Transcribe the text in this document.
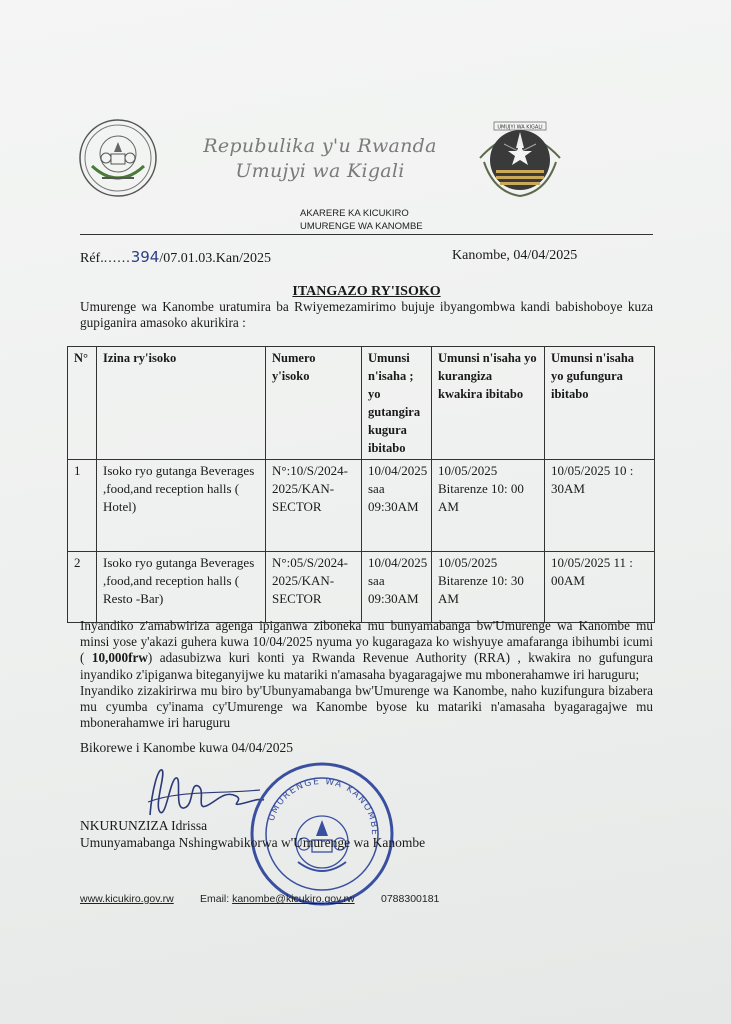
Repubulika y'u Rwanda
Umujyi wa Kigali
UMUJYI WA KIGALI
AKARERE KA KICUKIRO
UMURENGE WA KANOMBE
Réf.......394/07.01.03.Kan/2025	Kanombe, 04/04/2025
ITANGAZO RY'ISOKO
Umurenge wa Kanombe uratumira ba Rwiyemezamirimo bujuje ibyangombwa kandi babishoboye kuza gupiganira amasoko akurikira :
N°	Izina ry'isoko	Numero y'isoko	Umunsi n'isaha ; yo gutangira kugura ibitabo	Umunsi n'isaha yo kurangiza kwakira ibitabo	Umunsi n'isaha yo gufungura ibitabo
1	Isoko ryo gutanga Beverages ,food,and reception halls ( Hotel)	N°:10/S/2024-2025/KAN-SECTOR	10/04/2025 saa 09:30AM	10/05/2025 Bitarenze 10: 00 AM	10/05/2025 10 : 30AM
2	Isoko ryo gutanga Beverages ,food,and reception halls ( Resto -Bar)	N°:05/S/2024-2025/KAN-SECTOR	10/04/2025 saa 09:30AM	10/05/2025 Bitarenze 10: 30 AM	10/05/2025 11 : 00AM
Inyandiko z'amabwiriza agenga ipiganwa ziboneka mu bunyamabanga bw'Umurenge wa Kanombe mu minsi yose y'akazi guhera kuwa 10/04/2025 nyuma yo kugaragaza ko wishyuye amafaranga ibihumbi icumi ( 10,000frw) adasubizwa kuri konti ya Rwanda Revenue Authority (RRA) , kwakira no gufungura inyandiko z'ipiganwa biteganyijwe ku matariki n'amasaha byagaragajwe mu mbonerahamwe iri haruguru;
Inyandiko zizakirirwa mu biro by'Ubunyamabanga bw'Umurenge wa Kanombe, naho kuzifungura bizabera mu cyumba cy'inama cy'Umurenge wa Kanombe byose ku matariki n'amasaha byagaragajwe mu mbonerahamwe iri haruguru
Bikorewe i Kanombe kuwa 04/04/2025
UMURENGE WA KANOMBE
NKURUNZIZA Idrissa
Umunyamabanga Nshingwabikorwa w'Umurenge wa Kanombe
www.kicukiro.gov.rw	Email: kanombe@kicukiro.gov.rw	0788300181
